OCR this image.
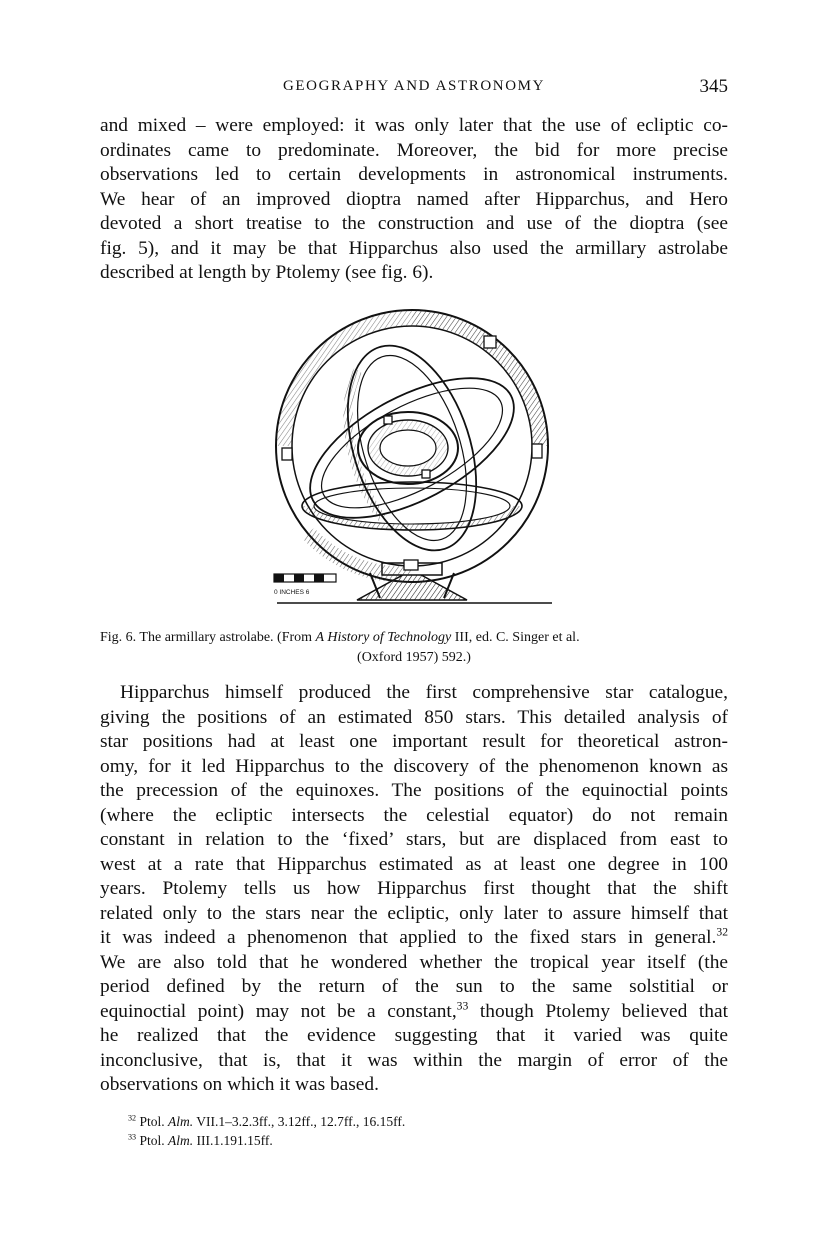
GEOGRAPHY AND ASTRONOMY	345
and mixed – were employed: it was only later that the use of ecliptic co-
ordinates came to predominate. Moreover, the bid for more precise
observations led to certain developments in astronomical instruments.
We hear of an improved dioptra named after Hipparchus, and Hero
devoted a short treatise to the construction and use of the dioptra (see
fig. 5), and it may be that Hipparchus also used the armillary astrolabe
described at length by Ptolemy (see fig. 6).
0 INCHES 6
Fig. 6. The armillary astrolabe. (From A History of Technology III, ed. C. Singer et al.
(Oxford 1957) 592.)
Hipparchus himself produced the first comprehensive star catalogue,
giving the positions of an estimated 850 stars. This detailed analysis of
star positions had at least one important result for theoretical astron-
omy, for it led Hipparchus to the discovery of the phenomenon known as
the precession of the equinoxes. The positions of the equinoctial points
(where the ecliptic intersects the celestial equator) do not remain
constant in relation to the ‘fixed’ stars, but are displaced from east to
west at a rate that Hipparchus estimated as at least one degree in 100
years. Ptolemy tells us how Hipparchus first thought that the shift
related only to the stars near the ecliptic, only later to assure himself that
it was indeed a phenomenon that applied to the fixed stars in general.$^{32}$
We are also told that he wondered whether the tropical year itself (the
period defined by the return of the sun to the same solstitial or
equinoctial point) may not be a constant,$^{33}$ though Ptolemy believed that
he realized that the evidence suggesting that it varied was quite
inconclusive, that is, that it was within the margin of error of the
observations on which it was based.
$^{32}$ Ptol. Alm. VII.1–3.2.3ff., 3.12ff., 12.7ff., 16.15ff.
$^{33}$ Ptol. Alm. III.1.191.15ff.
